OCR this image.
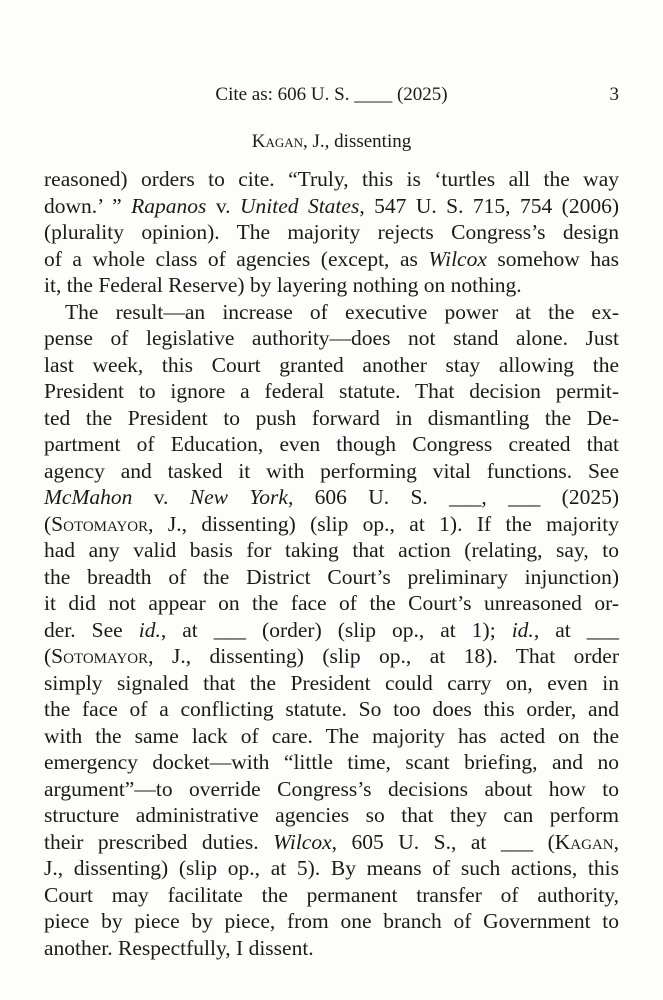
Cite as: 606 U. S. ____ (2025)	3
Kagan, J., dissenting

reasoned) orders to cite. “Truly, this is ‘turtles all the way
down.’ ” Rapanos v. United States, 547 U. S. 715, 754 (2006)
(plurality opinion). The majority rejects Congress’s design
of a whole class of agencies (except, as Wilcox somehow has
it, the Federal Reserve) by layering nothing on nothing.

The result—an increase of executive power at the ex-
pense of legislative authority—does not stand alone. Just
last week, this Court granted another stay allowing the
President to ignore a federal statute. That decision permit-
ted the President to push forward in dismantling the De-
partment of Education, even though Congress created that
agency and tasked it with performing vital functions. See
McMahon v. New York, 606 U. S. ___, ___ (2025)
(Sotomayor, J., dissenting) (slip op., at 1). If the majority
had any valid basis for taking that action (relating, say, to
the breadth of the District Court’s preliminary injunction)
it did not appear on the face of the Court’s unreasoned or-
der. See id., at ___ (order) (slip op., at 1); id., at ___
(Sotomayor, J., dissenting) (slip op., at 18). That order
simply signaled that the President could carry on, even in
the face of a conflicting statute. So too does this order, and
with the same lack of care. The majority has acted on the
emergency docket—with “little time, scant briefing, and no
argument”—to override Congress’s decisions about how to
structure administrative agencies so that they can perform
their prescribed duties. Wilcox, 605 U. S., at ___ (Kagan,
J., dissenting) (slip op., at 5). By means of such actions, this
Court may facilitate the permanent transfer of authority,
piece by piece by piece, from one branch of Government to
another. Respectfully, I dissent.
